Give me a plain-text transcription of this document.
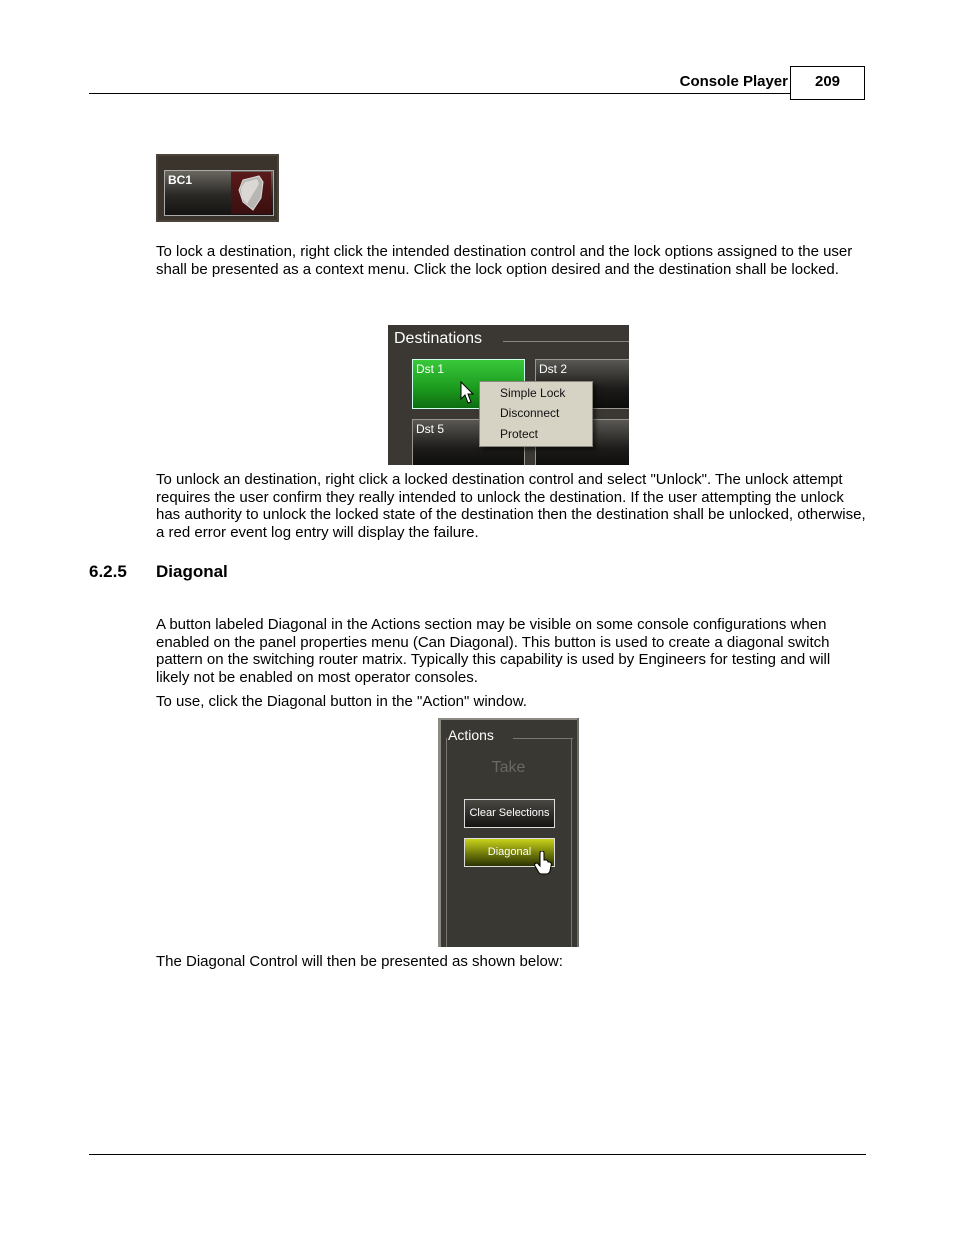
Console Player	209
BC1

To lock a destination, right click the intended destination control and the lock options assigned to the user shall be presented as a context menu. Click the lock option desired and the destination shall be locked.

Destinations
Dst 1	Dst 2
Dst 5
Simple Lock
Disconnect
Protect

To unlock an destination, right click a locked destination control and select "Unlock". The unlock attempt requires the user confirm they really intended to unlock the destination. If the user attempting the unlock has authority to unlock the locked state of the destination then the destination shall be unlocked, otherwise, a red error event log entry will display the failure.

6.2.5 Diagonal

A button labeled Diagonal in the Actions section may be visible on some console configurations when enabled on the panel properties menu (Can Diagonal). This button is used to create a diagonal switch pattern on the switching router matrix. Typically this capability is used by Engineers for testing and will likely not be enabled on most operator consoles.

To use, click the Diagonal button in the "Action" window.

Actions
Take
Clear Selections
Diagonal

The Diagonal Control will then be presented as shown below:
